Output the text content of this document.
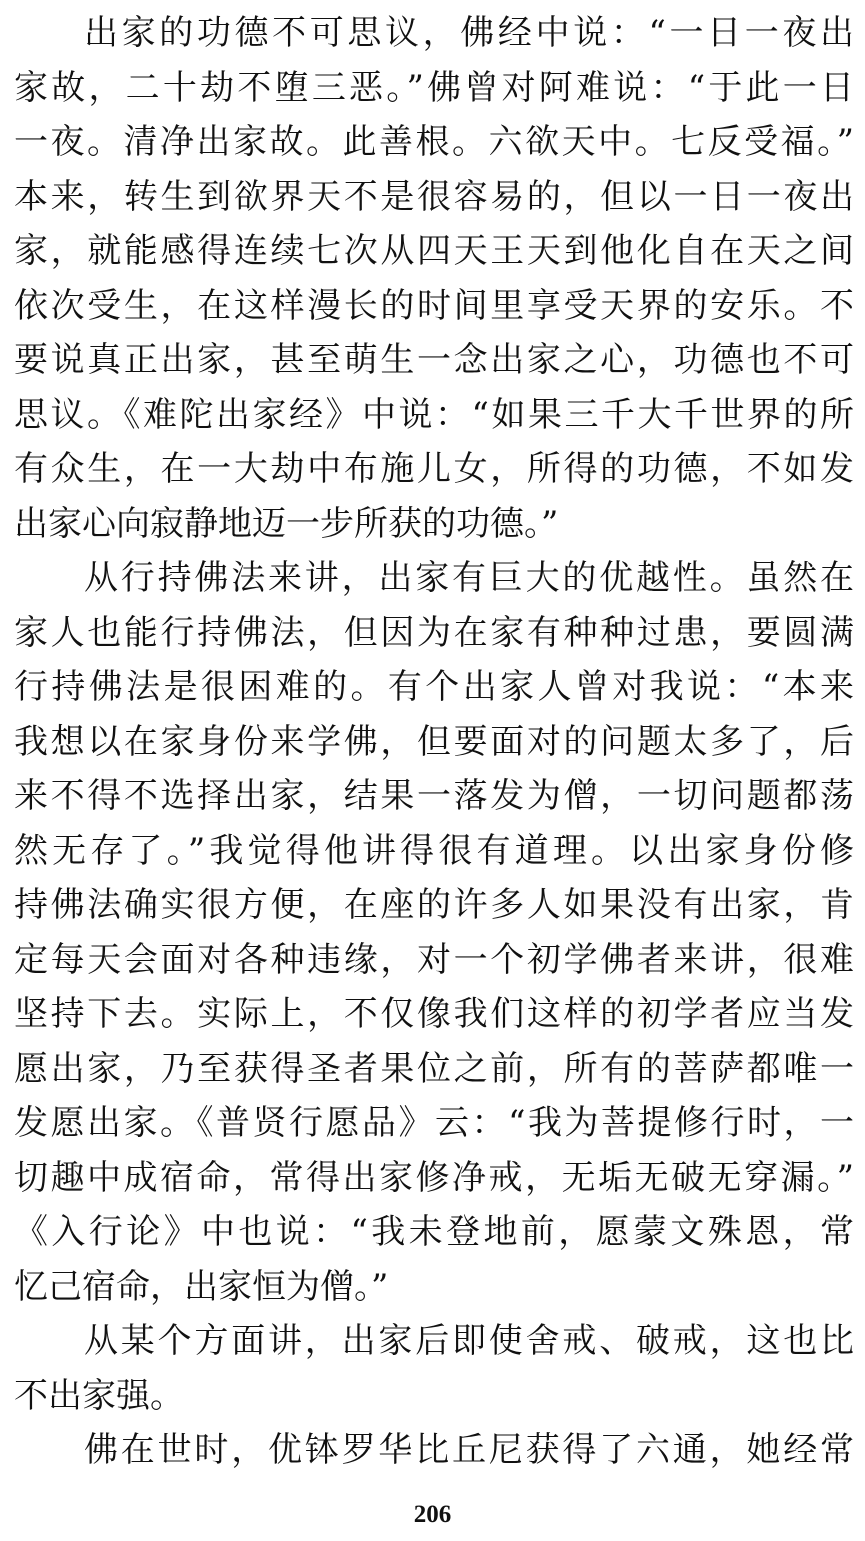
出家的功德不可思议，佛经中说：“一日一夜出
家故，二十劫不堕三恶。”佛曾对阿难说：“于此一日
一夜。清净出家故。此善根。六欲天中。七反受福。”
本来，转生到欲界天不是很容易的，但以一日一夜出
家，就能感得连续七次从四天王天到他化自在天之间
依次受生，在这样漫长的时间里享受天界的安乐。不
要说真正出家，甚至萌生一念出家之心，功德也不可
思议。《难陀出家经》中说：“如果三千大千世界的所
有众生，在一大劫中布施儿女，所得的功德，不如发
出家心向寂静地迈一步所获的功德。”
从行持佛法来讲，出家有巨大的优越性。虽然在
家人也能行持佛法，但因为在家有种种过患，要圆满
行持佛法是很困难的。有个出家人曾对我说：“本来
我想以在家身份来学佛，但要面对的问题太多了，后
来不得不选择出家，结果一落发为僧，一切问题都荡
然无存了。”我觉得他讲得很有道理。以出家身份修
持佛法确实很方便，在座的许多人如果没有出家，肯
定每天会面对各种违缘，对一个初学佛者来讲，很难
坚持下去。实际上，不仅像我们这样的初学者应当发
愿出家，乃至获得圣者果位之前，所有的菩萨都唯一
发愿出家。《普贤行愿品》云：“我为菩提修行时，一
切趣中成宿命，常得出家修净戒，无垢无破无穿漏。”
《入行论》中也说：“我未登地前，愿蒙文殊恩，常
忆己宿命，出家恒为僧。”
从某个方面讲，出家后即使舍戒、破戒，这也比
不出家强。
佛在世时，优钵罗华比丘尼获得了六通，她经常
206
